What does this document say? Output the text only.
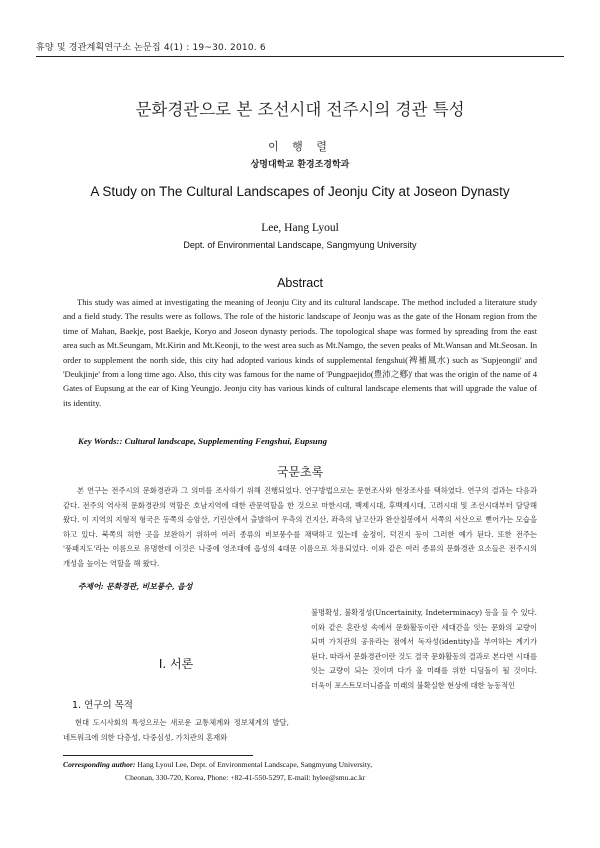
휴양 및 경관계획연구소 논문집 4(1) : 19~30. 2010. 6
문화경관으로 본 조선시대 전주시의 경관 특성
이 행 렬
상명대학교 환경조경학과
A Study on The Cultural Landscapes of Jeonju City at Joseon Dynasty
Lee, Hang Lyoul
Dept. of Environmental Landscape, Sangmyung University
Abstract

This study was aimed at investigating the meaning of Jeonju City and its cultural landscape. The method included a literature study and a field study. The results were as follows. The role of the historic landscape of Jeonju was as the gate of the Honam region from the time of Mahan, Baekje, post Baekje, Koryo and Joseon dynasty periods. The topological shape was formed by spreading from the east area such as Mt.Seungam, Mt.Kirin and Mt.Keonji, to the west area such as Mt.Namgo, the seven peaks of Mt.Wansan and Mt.Seosan. In order to supplement the north side, this city had adopted various kinds of supplemental fengshui(裨補風水) such as 'Supjeongii' and 'Deukjinje' from a long time ago. Also, this city was famous for the name of 'Pungpaejido(豊沛之鄕)' that was the origin of the name of 4 Gates of Eupsung at the ear of King Yeungjo. Jeonju city has various kinds of cultural landscape elements that will upgrade the value of its identity.

Key Words:: Cultural landscape, Supplementing Fengshui, Eupsung
국문초록

본 연구는 전주시의 문화경관과 그 의미를 조사하기 위해 진행되었다. 연구방법으로는 문헌조사와 현장조사를 택하였다. 연구의 결과는 다음과 같다. 전주의 역사적 문화경관의 역할은 호남지역에 대한 관문역할을 한 것으로 마한시대, 백제시대, 후백제시대, 고려시대 및 조선시대부터 담당해 왔다. 이 지역의 지형적 형국은 동쪽의 승암산, 기린산에서 출발하여 우측의 건지산, 좌측의 남고산과 완산칠봉에서 서쪽의 서산으로 뻗어가는 모습을 하고 있다. 북쪽의 허한 곳을 보완하기 위하여 여러 종류의 비보풍수를 채택하고 있는데 숲정이, 덕진지 등이 그러한 예가 된다. 또한 전주는 '풍패지도'라는 이름으로 유명한데 이것은 나중에 영조대에 읍성의 4대문 이름으로 차용되었다. 이와 같은 여러 종류의 문화경관 요소들은 전주시의 개성을 높이는 역할을 해 왔다.

주제어: 문화경관, 비보풍수, 읍성

불명확성, 불확정성(Uncertainity, Indeterminacy) 등을 들 수 있다. 이와 같은 혼란성 속에서 문화활동이란 세대간을 잇는 문화의 교량이 되며 가치관의 공유라는 점에서 독자성(identity)을 부여하는 계기가 된다. 따라서 문화경관이란 것도 결국 문화활동의 결과로 본다면 시대를 잇는 교량이 되는 것이며 다가 올 미래를 위한 디딤돌이 될 것이다. 더욱이 포스트모더니즘을 미래의 불확실한 현상에 대한 능동적인

Ⅰ. 서론
1. 연구의 목적

현대 도시사회의 특성으로는 새로운 교통체계와 정보체계의 발달, 네트워크에 의한 다층성, 다중심성, 가치관의 혼재와

Corresponding author: Hang Lyoul Lee, Dept. of Environmental Landscape, Sangmyung University,
Cheonan, 330-720, Korea, Phone: +82-41-550-5297, E-mail: hylee@smu.ac.kr
